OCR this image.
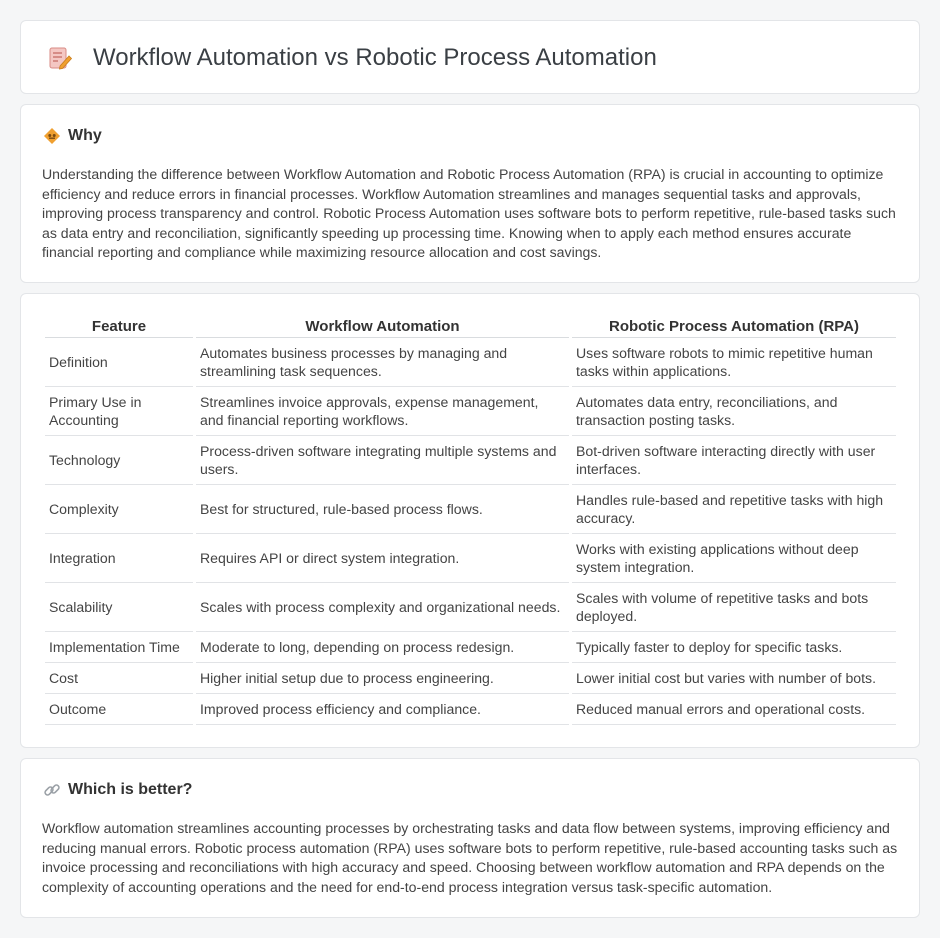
Workflow Automation vs Robotic Process Automation
Why

Understanding the difference between Workflow Automation and Robotic Process Automation (RPA) is crucial in accounting to optimize efficiency and reduce errors in financial processes. Workflow Automation streamlines and manages sequential tasks and approvals, improving process transparency and control. Robotic Process Automation uses software bots to perform repetitive, rule-based tasks such as data entry and reconciliation, significantly speeding up processing time. Knowing when to apply each method ensures accurate financial reporting and compliance while maximizing resource allocation and cost savings.

Feature	Workflow Automation	Robotic Process Automation (RPA)
Definition	Automates business processes by managing and streamlining task sequences.	Uses software robots to mimic repetitive human tasks within applications.
Primary Use in Accounting	Streamlines invoice approvals, expense management, and financial reporting workflows.	Automates data entry, reconciliations, and transaction posting tasks.
Technology	Process-driven software integrating multiple systems and users.	Bot-driven software interacting directly with user interfaces.
Complexity	Best for structured, rule-based process flows.	Handles rule-based and repetitive tasks with high accuracy.
Integration	Requires API or direct system integration.	Works with existing applications without deep system integration.
Scalability	Scales with process complexity and organizational needs.	Scales with volume of repetitive tasks and bots deployed.
Implementation Time	Moderate to long, depending on process redesign.	Typically faster to deploy for specific tasks.
Cost	Higher initial setup due to process engineering.	Lower initial cost but varies with number of bots.
Outcome	Improved process efficiency and compliance.	Reduced manual errors and operational costs.
Which is better?

Workflow automation streamlines accounting processes by orchestrating tasks and data flow between systems, improving efficiency and reducing manual errors. Robotic process automation (RPA) uses software bots to perform repetitive, rule-based accounting tasks such as invoice processing and reconciliations with high accuracy and speed. Choosing between workflow automation and RPA depends on the complexity of accounting operations and the need for end-to-end process integration versus task-specific automation.
